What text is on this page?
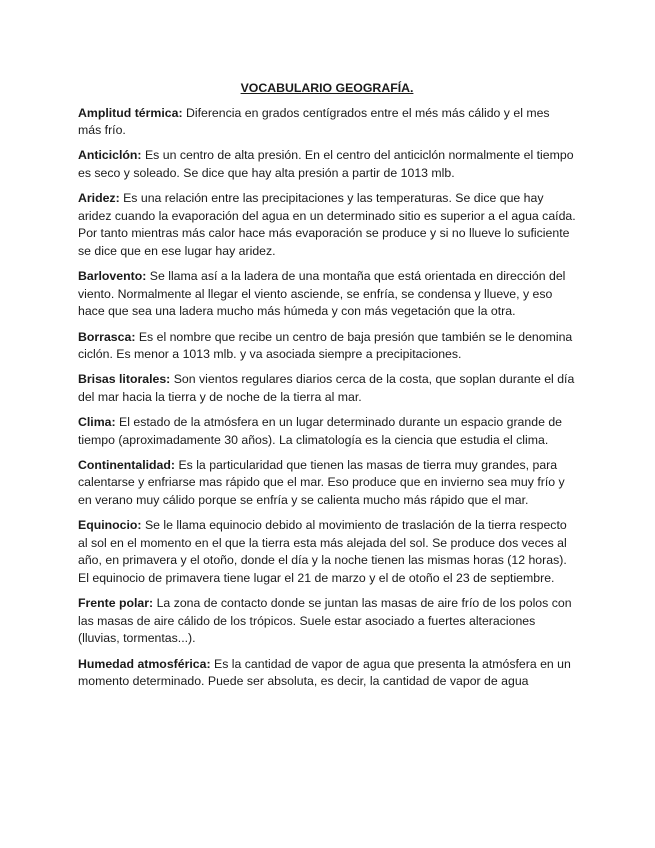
VOCABULARIO GEOGRAFÍA.

Amplitud térmica: Diferencia en grados centígrados entre el més más cálido y el mes más frío.

Anticiclón: Es un centro de alta presión. En el centro del anticiclón normalmente el tiempo es seco y soleado. Se dice que hay alta presión a partir de 1013 mlb.

Aridez: Es una relación entre las precipitaciones y las temperaturas. Se dice que hay aridez cuando la evaporación del agua en un determinado sitio es superior a el agua caída. Por tanto mientras más calor hace más evaporación se produce y si no llueve lo suficiente se dice que en ese lugar hay aridez.

Barlovento: Se llama así a la ladera de una montaña que está orientada en dirección del viento. Normalmente al llegar el viento asciende, se enfría, se condensa y llueve, y eso hace que sea una ladera mucho más húmeda y con más vegetación que la otra.

Borrasca: Es el nombre que recibe un centro de baja presión que también se le denomina ciclón. Es menor a 1013 mlb. y va asociada siempre a precipitaciones.

Brisas litorales: Son vientos regulares diarios cerca de la costa, que soplan durante el día del mar hacia la tierra y de noche de la tierra al mar.

Clima: El estado de la atmósfera en un lugar determinado durante un espacio grande de tiempo (aproximadamente 30 años). La climatología es la ciencia que estudia el clima.

Continentalidad: Es la particularidad que tienen las masas de tierra muy grandes, para calentarse y enfriarse mas rápido que el mar. Eso produce que en invierno sea muy frío y en verano muy cálido porque se enfría y se calienta mucho más rápido que el mar.

Equinocio: Se le llama equinocio debido al movimiento de traslación de la tierra respecto al sol en el momento en el que la tierra esta más alejada del sol. Se produce dos veces al año, en primavera y el otoño, donde el día y la noche tienen las mismas horas (12 horas). El equinocio de primavera tiene lugar el 21 de marzo y el de otoño el 23 de septiembre.

Frente polar: La zona de contacto donde se juntan las masas de aire frío de los polos con las masas de aire cálido de los trópicos. Suele estar asociado a fuertes alteraciones (lluvias, tormentas...).

Humedad atmosférica: Es la cantidad de vapor de agua que presenta la atmósfera en un momento determinado. Puede ser absoluta, es decir, la cantidad de vapor de agua
